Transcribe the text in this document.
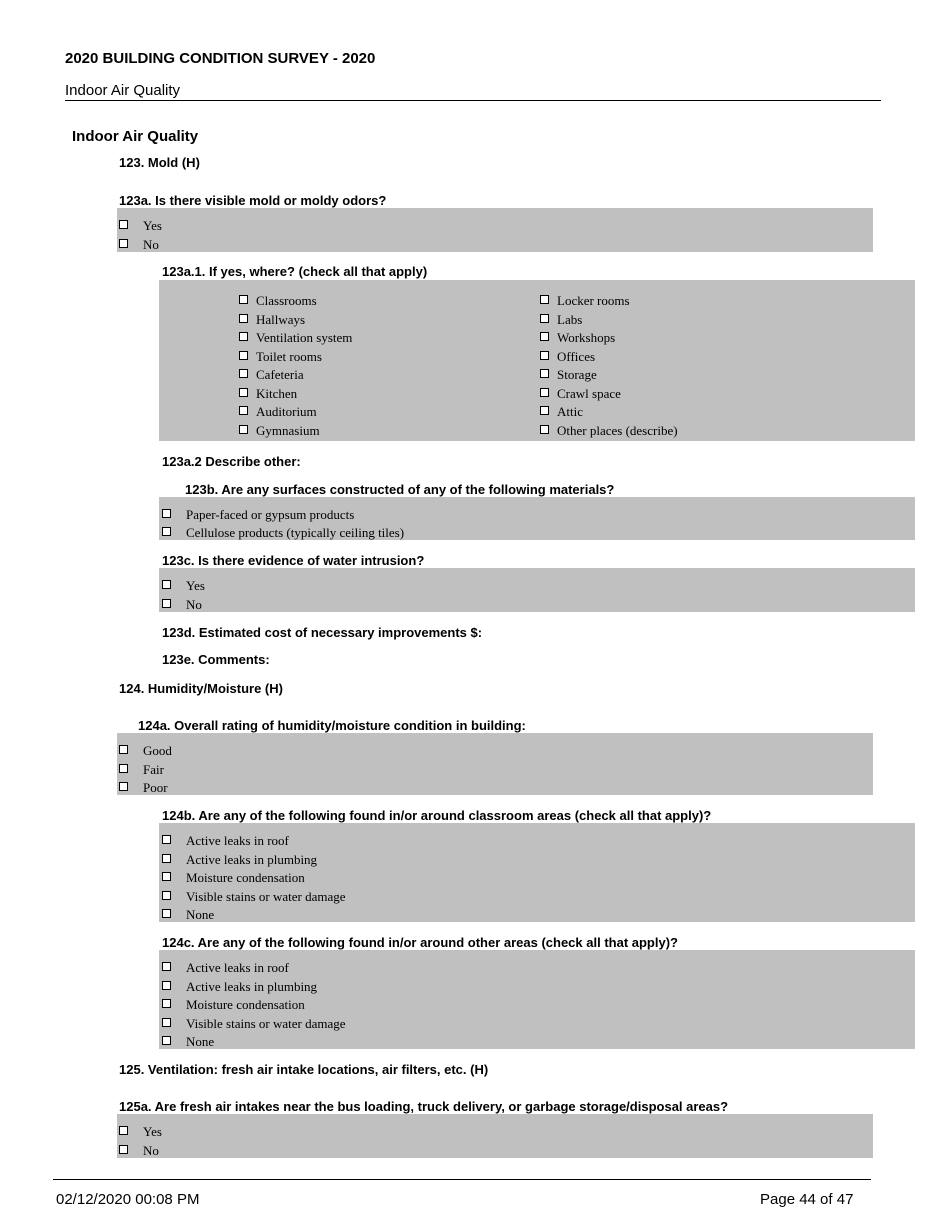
2020 BUILDING CONDITION SURVEY - 2020
Indoor Air Quality
Indoor Air Quality
123. Mold (H)
123a. Is there visible mold or moldy odors?
Yes
No
123a.1. If yes, where? (check all that apply)
Classrooms
Hallways
Ventilation system
Toilet rooms
Cafeteria
Kitchen
Auditorium
Gymnasium
Locker rooms
Labs
Workshops
Offices
Storage
Crawl space
Attic
Other places (describe)
123a.2 Describe other:
123b. Are any surfaces constructed of any of the following materials?
Paper-faced or gypsum products
Cellulose products (typically ceiling tiles)
123c. Is there evidence of water intrusion?
Yes
No
123d. Estimated cost of necessary improvements $:
123e. Comments:
124. Humidity/Moisture (H)
124a. Overall rating of humidity/moisture condition in building:
Good
Fair
Poor
124b. Are any of the following found in/or around classroom areas (check all that apply)?
Active leaks in roof
Active leaks in plumbing
Moisture condensation
Visible stains or water damage
None
124c. Are any of the following found in/or around other areas (check all that apply)?
Active leaks in roof
Active leaks in plumbing
Moisture condensation
Visible stains or water damage
None
125. Ventilation: fresh air intake locations, air filters, etc. (H)
125a. Are fresh air intakes near the bus loading, truck delivery, or garbage storage/disposal areas?
Yes
No
02/12/2020 00:08 PM	Page 44 of 47
